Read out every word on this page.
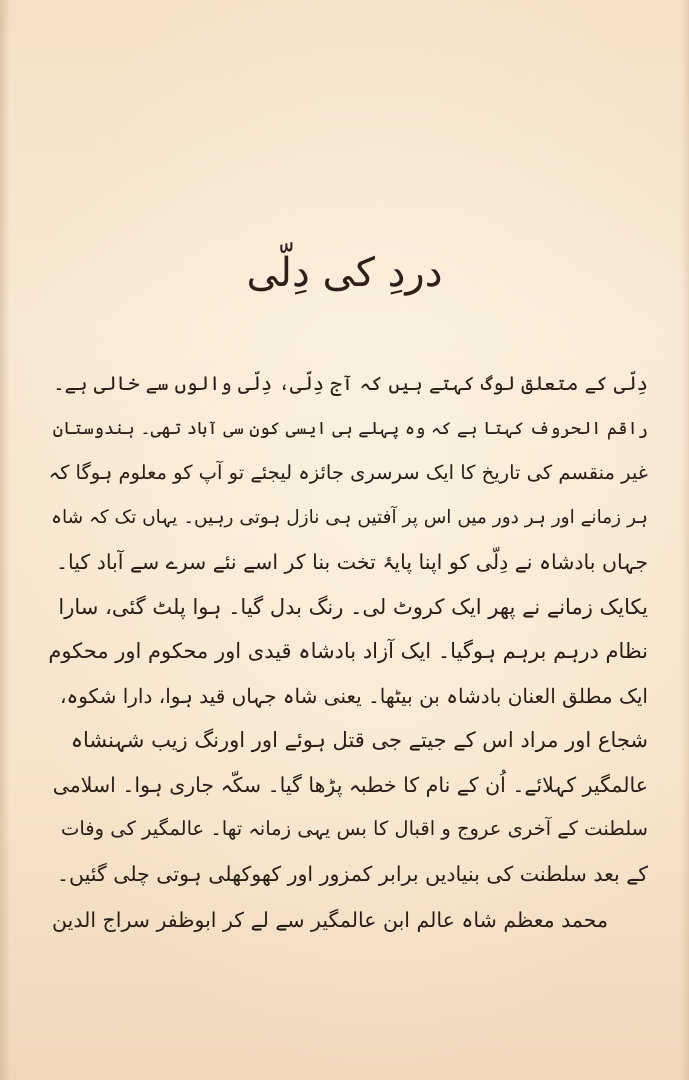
دردِ کی دِلّی
دِلّی کے متعلق لوگ کہتے ہیں کہ آج دِلّی، دِلّی والوں سے خالی ہے۔
راقم الحروف کہتا ہے کہ وہ پہلے ہی ایسی کون سی آباد تھی۔ ہندوستان
غیر منقسم کی تاریخ کا ایک سرسری جائزہ لیجئے تو آپ کو معلوم ہوگا کہ
ہر زمانے اور ہر دور میں اس پر آفتیں ہی نازل ہوتی رہیں۔ یہاں تک کہ شاہ
جہاں بادشاہ نے دِلّی کو اپنا پایۂ تخت بنا کر اسے نئے سرے سے آباد کیا۔
یکایک زمانے نے پھر ایک کروٹ لی۔ رنگ بدل گیا۔ ہوا پلٹ گئی، سارا
نظام درہم برہم ہوگیا۔ ایک آزاد بادشاہ قیدی اور محکوم اور محکوم
ایک مطلق العنان بادشاہ بن بیٹھا۔ یعنی شاہ جہاں قید ہوا، دارا شکوہ،
شجاع اور مراد اس کے جیتے جی قتل ہوئے اور اورنگ زیب شہنشاہ
عالمگیر کہلائے۔ اُن کے نام کا خطبہ پڑھا گیا۔ سکّہ جاری ہوا۔ اسلامی
سلطنت کے آخری عروج و اقبال کا بس یہی زمانہ تھا۔ عالمگیر کی وفات
کے بعد سلطنت کی بنیادیں برابر کمزور اور کھوکھلی ہوتی چلی گئیں۔
محمد معظم شاہ عالم ابن عالمگیر سے لے کر ابوظفر سراج الدین
